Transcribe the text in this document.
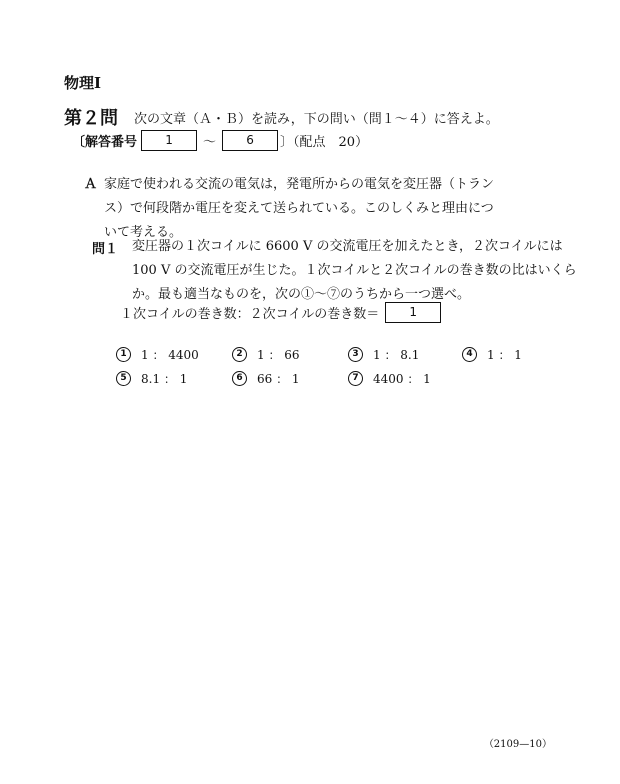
物理Ⅰ
第２問 次の文章（Ａ・Ｂ）を読み，下の問い（問１～４）に答えよ。
〔解答番号	1	～	6	〕（配点　20）
Ａ 家庭で使われる交流の電気は，発電所からの電気を変圧器（トランス）で何段階か電圧を変えて送られている。このしくみと理由について考える。
問１ 変圧器の１次コイルに 6600 V の交流電圧を加えたとき，２次コイルには
100 V の交流電圧が生じた。１次コイルと２次コイルの巻き数の比はいくら
か。最も適当なものを，次の①～⑦のうちから一つ選べ。
１次コイルの巻き数：２次コイルの巻き数＝	1
1	1 ： 4400	2	1 ： 66	3	1 ： 8.1	4	1 ： 1
5	8.1 ： 1	6	66 ： 1	7	4400 ： 1
（2109—10）
